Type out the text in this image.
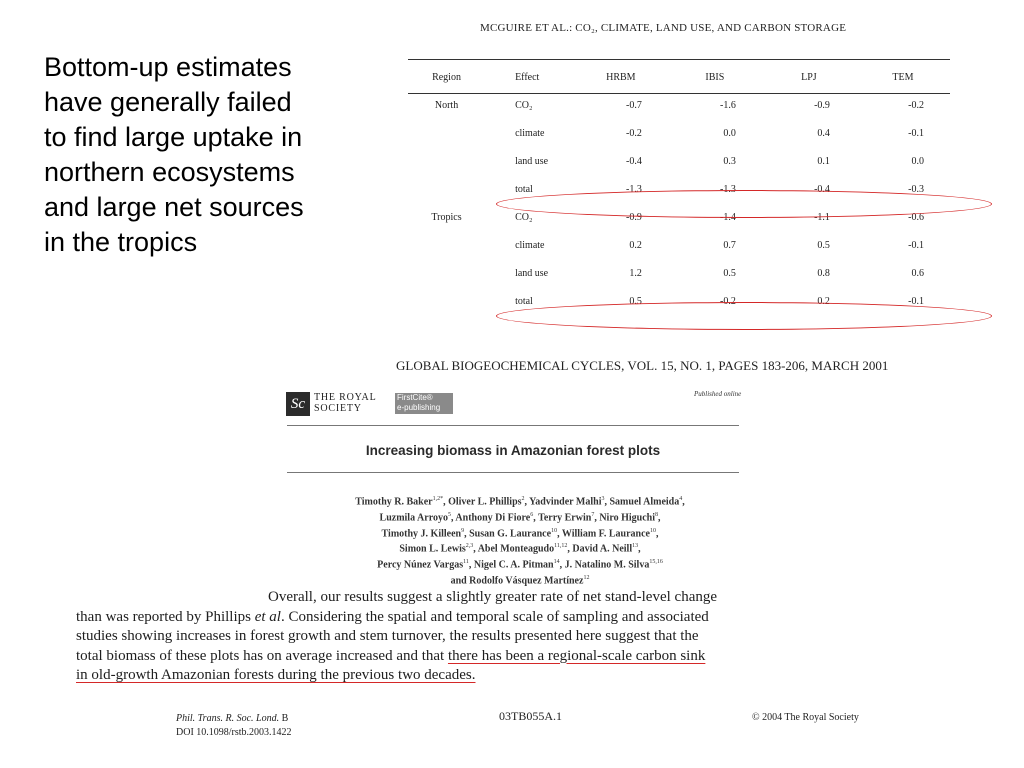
Bottom-up estimates
have generally failed
to find large uptake in
northern ecosystems
and large net sources
in the tropics
MCGUIRE ET AL.: CO₂, CLIMATE, LAND USE, AND CARBON STORAGE
Region	Effect	HRBM	IBIS	LPJ	TEM
North	CO₂	-0.7	-1.6	-0.9	-0.2
	climate	-0.2	0.0	0.4	-0.1
	land use	-0.4	0.3	0.1	0.0
	total	-1.3	-1.3	-0.4	-0.3
Tropics	CO₂	-0.9	-1.4	-1.1	-0.6
	climate	0.2	0.7	0.5	-0.1
	land use	1.2	0.5	0.8	0.6
	total	0.5	-0.2	0.2	-0.1
GLOBAL BIOGEOCHEMICAL CYCLES, VOL. 15, NO. 1, PAGES 183-206, MARCH 2001
Sc THE ROYAL
SOCIETY
FirstCite®
e-publishing
Published online
Increasing biomass in Amazonian forest plots
Timothy R. Baker$^{1,2*}$, Oliver L. Phillips$^2$, Yadvinder Malhi$^3$, Samuel Almeida$^4$,
Luzmila Arroyo$^5$, Anthony Di Fiore$^6$, Terry Erwin$^7$, Niro Higuchi$^8$,
Timothy J. Killeen$^9$, Susan G. Laurance$^{10}$, William F. Laurance$^{10}$,
Simon L. Lewis$^{2,3}$, Abel Monteagudo$^{11,12}$, David A. Neill$^{13}$,
Percy Núnez Vargas$^{11}$, Nigel C. A. Pitman$^{14}$, J. Natalino M. Silva$^{15,16}$
and Rodolfo Vásquez Martínez$^{12}$
Overall, our results suggest a slightly greater rate of net stand-level change
than was reported by Phillips et al. Considering the spatial and temporal scale of sampling and associated
studies showing increases in forest growth and stem turnover, the results presented here suggest that the
total biomass of these plots has on average increased and that there has been a regional-scale carbon sink
in old-growth Amazonian forests during the previous two decades.
Phil. Trans. R. Soc. Lond. B
DOI 10.1098/rstb.2003.1422
03TB055A.1	© 2004 The Royal Society
